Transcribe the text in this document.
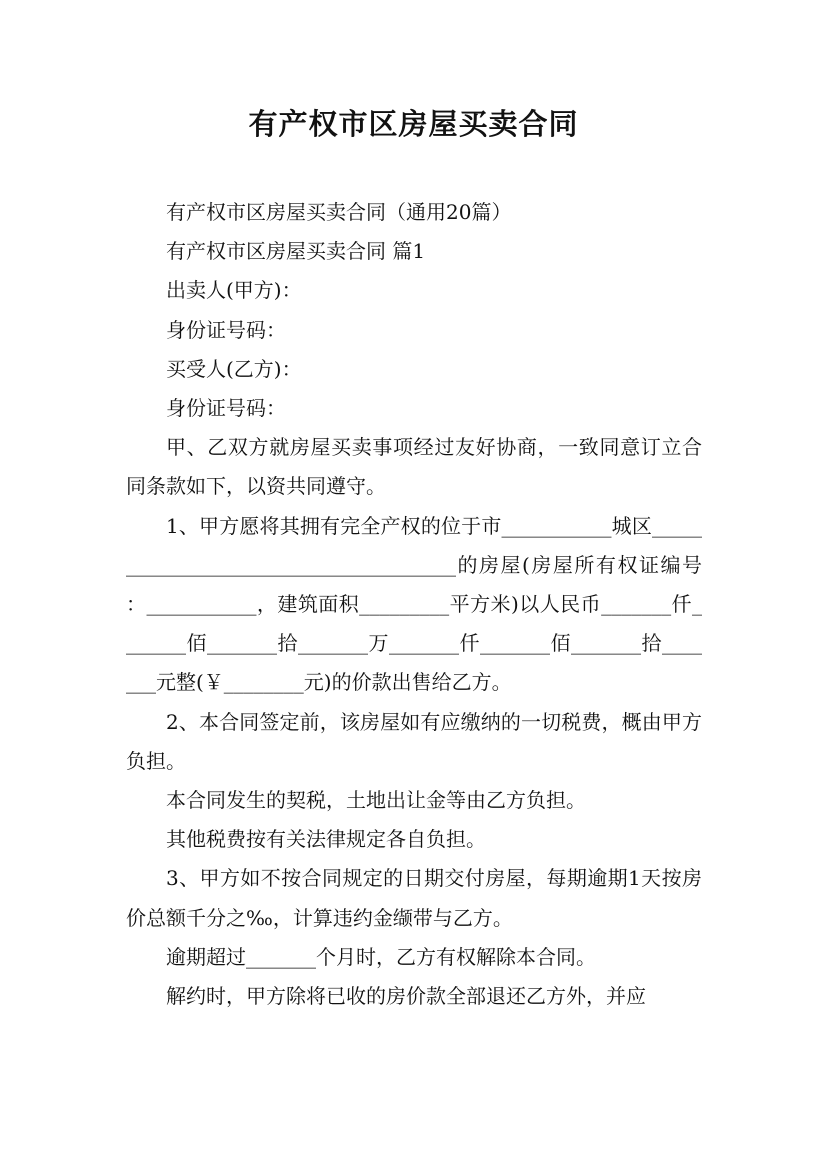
有产权市区房屋买卖合同

有产权市区房屋买卖合同（通用20篇）

有产权市区房屋买卖合同 篇1

出卖人(甲方)：

身份证号码：

买受人(乙方)：

身份证号码：

甲、乙双方就房屋买卖事项经过友好协商，一致同意订立合同条款如下，以资共同遵守。

1、甲方愿将其拥有完全产权的位于市___________城区______________________________________的房屋(房屋所有权证编号：___________，建筑面积_________平方米)以人民币_______仟_______佰_______拾_______万_______仟_______佰_______拾_______元整(￥________元)的价款出售给乙方。

2、本合同签定前，该房屋如有应缴纳的一切税费，概由甲方负担。

本合同发生的契税，土地出让金等由乙方负担。

其他税费按有关法律规定各自负担。

3、甲方如不按合同规定的日期交付房屋，每期逾期1天按房价总额千分之‰，计算违约金缬带与乙方。

逾期超过_______个月时，乙方有权解除本合同。

解约时，甲方除将已收的房价款全部退还乙方外，并应
